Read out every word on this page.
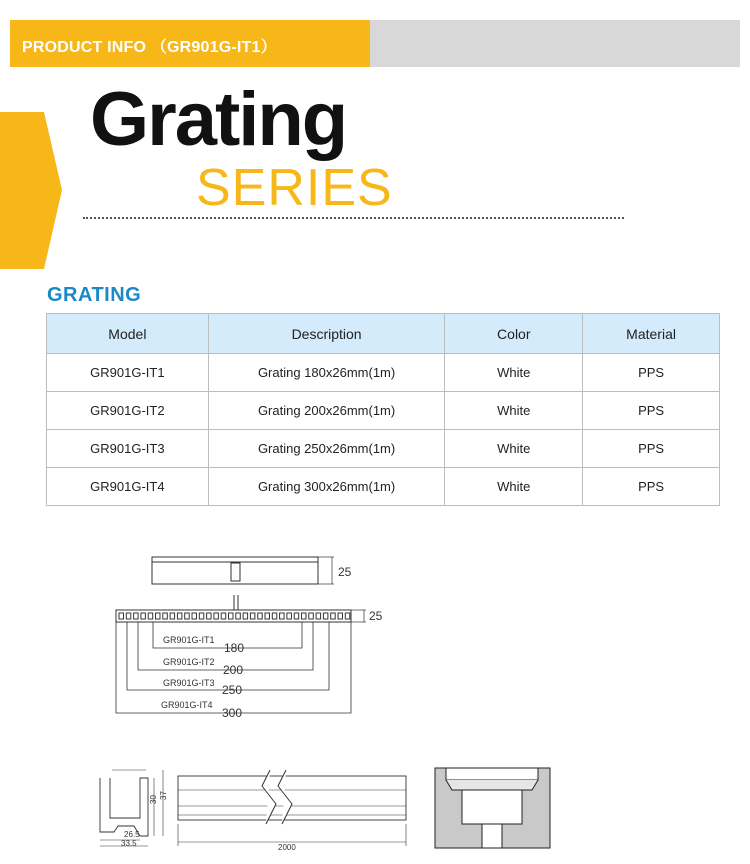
PRODUCT INFO （GR901G-IT1）
Grating
SERIES
GRATING
Model	Description	Color	Material
GR901G-IT1	Grating 180x26mm(1m)	White	PPS
GR901G-IT2	Grating 200x26mm(1m)	White	PPS
GR901G-IT3	Grating 250x26mm(1m)	White	PPS
GR901G-IT4	Grating 300x26mm(1m)	White	PPS
25
25
GR901G-IT1
180
GR901G-IT2
200
GR901G-IT3 250
GR901G-IT4
300
30 37
26.5
33.5	2000
